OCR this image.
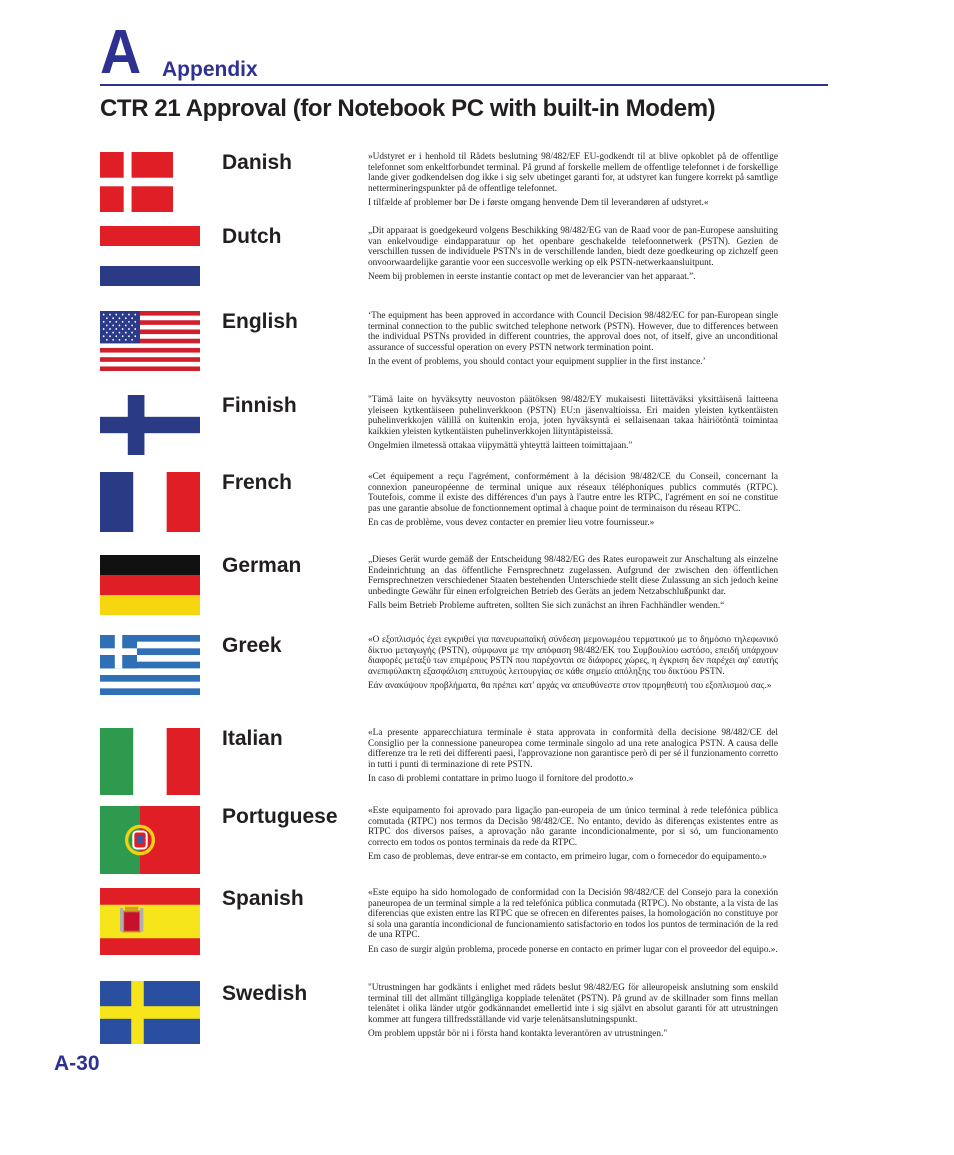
A Appendix
CTR 21 Approval (for Notebook PC with built-in Modem)
Danish	»Udstyret er i henhold til Rådets beslutning 98/482/EF EU-godkendt til at blive opkoblet på de offentlige telefonnet som enkeltforbundet terminal. På grund af forskelle mellem de offentlige telefonnet i de forskellige lande giver godkendelsen dog ikke i sig selv ubetinget garanti for, at udstyret kan fungere korrekt på samtlige nettermineringspunkter på de offentlige telefonnet.

I tilfælde af problemer bør De i første omgang henvende Dem til leverandøren af udstyret.«

Dutch	„Dit apparaat is goedgekeurd volgens Beschikking 98/482/EG van de Raad voor de pan-Europese aansluiting van enkelvoudige eindapparatuur op het openbare geschakelde telefoonnetwerk (PSTN). Gezien de verschillen tussen de individuele PSTN's in de verschillende landen, biedt deze goedkeuring op zichzelf geen onvoorwaardelijke garantie voor een succesvolle werking op elk PSTN-netwerkaansluitpunt.

Neem bij problemen in eerste instantie contact op met de leverancier van het apparaat.”.

English	‘The equipment has been approved in accordance with Council Decision 98/482/EC for pan-European single terminal connection to the public switched telephone network (PSTN). However, due to differences between the individual PSTNs provided in different countries, the approval does not, of itself, give an unconditional assurance of successful operation on every PSTN network termination point.

In the event of problems, you should contact your equipment supplier in the first instance.’

Finnish	"Tämä laite on hyväksytty neuvoston päätöksen 98/482/EY mukaisesti liitettäväksi yksittäisenä laitteena yleiseen kytkentäiseen puhelinverkkoon (PSTN) EU:n jäsenvaltioissa. Eri maiden yleisten kytkentäisten puhelinverkkojen välillä on kuitenkin eroja, joten hyväksyntä ei sellaisenaan takaa häiriötöntä toimintaa kaikkien yleisten kytkentäisten puhelinverkkojen liityntäpisteissä.

Ongelmien ilmetessä ottakaa viipymättä yhteyttä laitteen toimittajaan."

French	«Cet équipement a reçu l'agrément, conformément à la décision 98/482/CE du Conseil, concernant la connexion paneuropéenne de terminal unique aux réseaux téléphoniques publics commutés (RTPC). Toutefois, comme il existe des différences d'un pays à l'autre entre les RTPC, l'agrément en soi ne constitue pas une garantie absolue de fonctionnement optimal à chaque point de terminaison du réseau RTPC.

En cas de problème, vous devez contacter en premier lieu votre fournisseur.»

German	„Dieses Gerät wurde gemäß der Entscheidung 98/482/EG des Rates europaweit zur Anschaltung als einzelne Endeinrichtung an das öffentliche Fernsprechnetz zugelassen. Aufgrund der zwischen den öffentlichen Fernsprechnetzen verschiedener Staaten bestehenden Unterschiede stellt diese Zulassung an sich jedoch keine unbedingte Gewähr für einen erfolgreichen Betrieb des Geräts an jedem Netzabschlußpunkt dar.

Falls beim Betrieb Probleme auftreten, sollten Sie sich zunächst an ihren Fachhändler wenden.“

Greek	«Ο εξοπλισμός έχει εγκριθεί για πανευρωπαϊκή σύνδεση μεμονωμέου τερματικού με το δημόσιο τηλεφωνικό δίκτυο μεταγωγής (PSTN), σύμφωνα με την απόφαση 98/482/ΕΚ του Συμβουλίου ωστόσο, επειδή υπάρχουν διαφορές μεταξύ των επιμέρους PSTN που παρέχονται σε διάφορες χώρες, η έγκριση δεν παρέχει αφ' εαυτής ανεπιφύλακτη εξασφάλιση επιτυχούς λειτουργίας σε κάθε σημείο απόληξης του δικτύου PSTN.

Εάν ανακύψουν προβλήματα, θα πρέπει κατ' αρχάς να απευθύνεστε στον προμηθευτή του εξοπλισμού σας.»

Italian	«La presente apparecchiatura terminale è stata approvata in conformità della decisione 98/482/CE del Consiglio per la connessione paneuropea come terminale singolo ad una rete analogica PSTN. A causa delle differenze tra le reti dei differenti paesi, l'approvazione non garantisce però di per sé il funzionamento corretto in tutti i punti di terminazione di rete PSTN.

In caso di problemi contattare in primo luogo il fornitore del prodotto.»

Portuguese	«Este equipamento foi aprovado para ligação pan-europeia de um único terminal à rede telefónica pública comutada (RTPC) nos termos da Decisão 98/482/CE. No entanto, devido às diferenças existentes entre as RTPC dos diversos países, a aprovação não garante incondicionalmente, por si só, um funcionamento correcto em todos os pontos terminais da rede da RTPC.

Em caso de problemas, deve entrar-se em contacto, em primeiro lugar, com o fornecedor do equipamento.»

Spanish	«Este equipo ha sido homologado de conformidad con la Decisión 98/482/CE del Consejo para la conexión paneuropea de un terminal simple a la red telefónica pública conmutada (RTPC). No obstante, a la vista de las diferencias que existen entre las RTPC que se ofrecen en diferentes países, la homologación no constituye por sí sola una garantía incondicional de funcionamiento satisfactorio en todos los puntos de terminación de la red de una RTPC.

En caso de surgir algún problema, procede ponerse en contacto en primer lugar con el proveedor del equipo.».‌

Swedish	"Utrustningen har godkänts i enlighet med rådets beslut 98/482/EG för alleuropeisk anslutning som enskild terminal till det allmänt tillgängliga kopplade telenätet (PSTN). På grund av de skillnader som finns mellan telenätet i olika länder utgör godkännandet emellertid inte i sig självt en absolut garanti för att utrustningen kommer att fungera tillfredsställande vid varje telenätsanslutningspunkt.

Om problem uppstår bör ni i första hand kontakta leverantören av utrustningen."

A-30
